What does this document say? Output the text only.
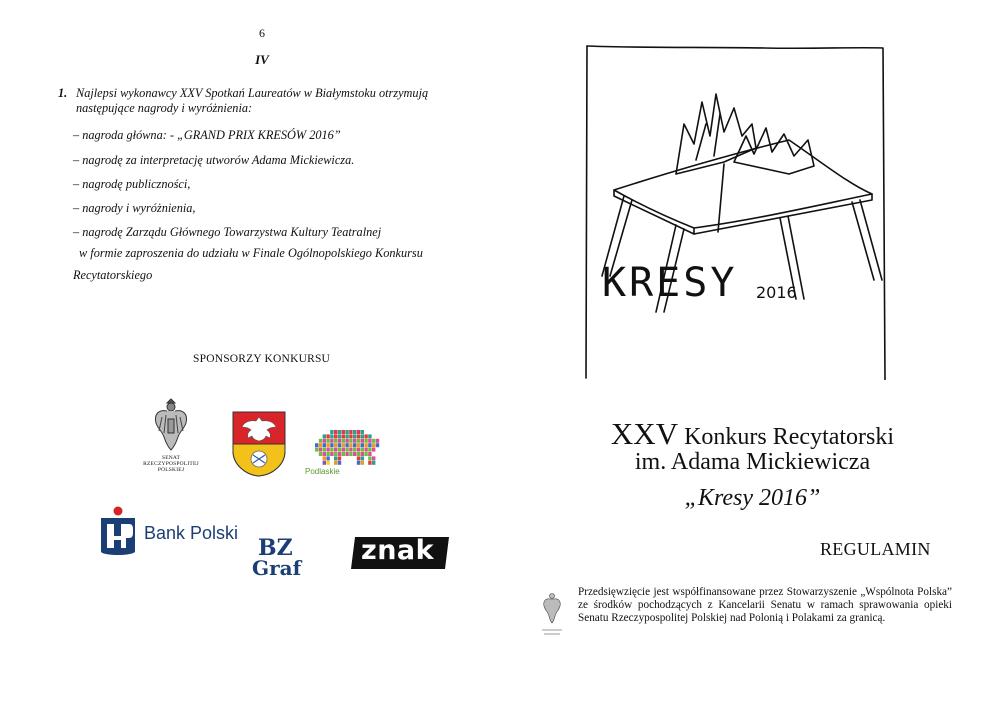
6
IV
1. Najlepsi wykonawcy XXV Spotkań Laureatów w Białymstoku otrzymują następujące nagrody i wyróżnienia:
– nagroda główna: - „GRAND PRIX KRESÓW 2016”
– nagrodę za interpretację utworów Adama Mickiewicza.
– nagrodę publiczności,
– nagrody i wyróżnienia,
– nagrodę Zarządu Głównego Towarzystwa Kultury Teatralnej
w formie zaproszenia do udziału w Finale Ogólnopolskiego Konkursu Recytatorskiego
SPONSORZY KONKURSU
SENAT
RZECZYPOSPOLITEJ
POLSKIEJ	Podlaskie
Bank Polski
BZ
Graf
znak
KRESY 2016
XXV Konkurs Recytatorski
im. Adama Mickiewicza
„Kresy 2016”
REGULAMIN
Przedsięwzięcie jest współfinansowane przez Stowarzyszenie „Wspólnota Polska” ze środków pochodzących z Kancelarii Senatu w ramach sprawowania opieki Senatu Rzeczypospolitej Polskiej nad Polonią i Polakami za granicą.
